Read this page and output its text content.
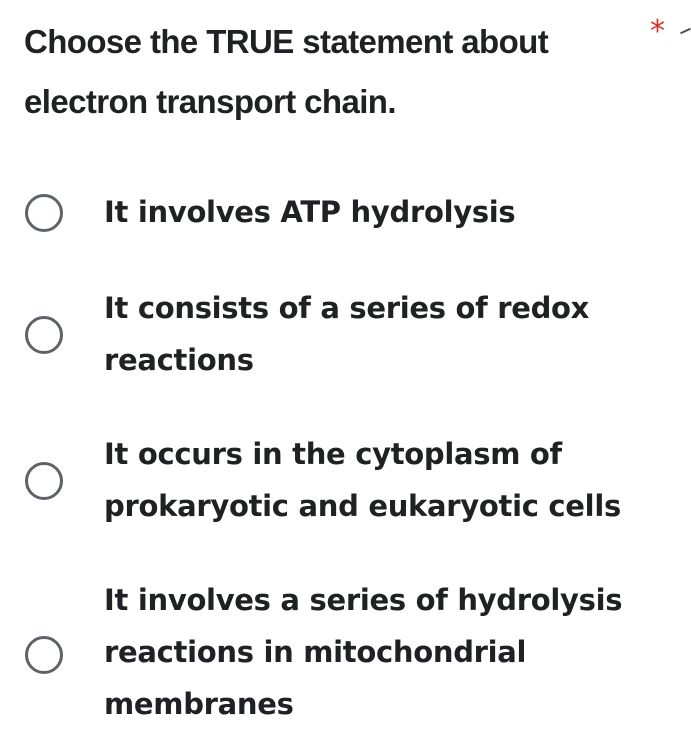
Choose the TRUE statement about
electron transport chain.
*
It involves ATP hydrolysis
It consists of a series of redox
reactions
It occurs in the cytoplasm of
prokaryotic and eukaryotic cells
It involves a series of hydrolysis
reactions in mitochondrial
membranes
